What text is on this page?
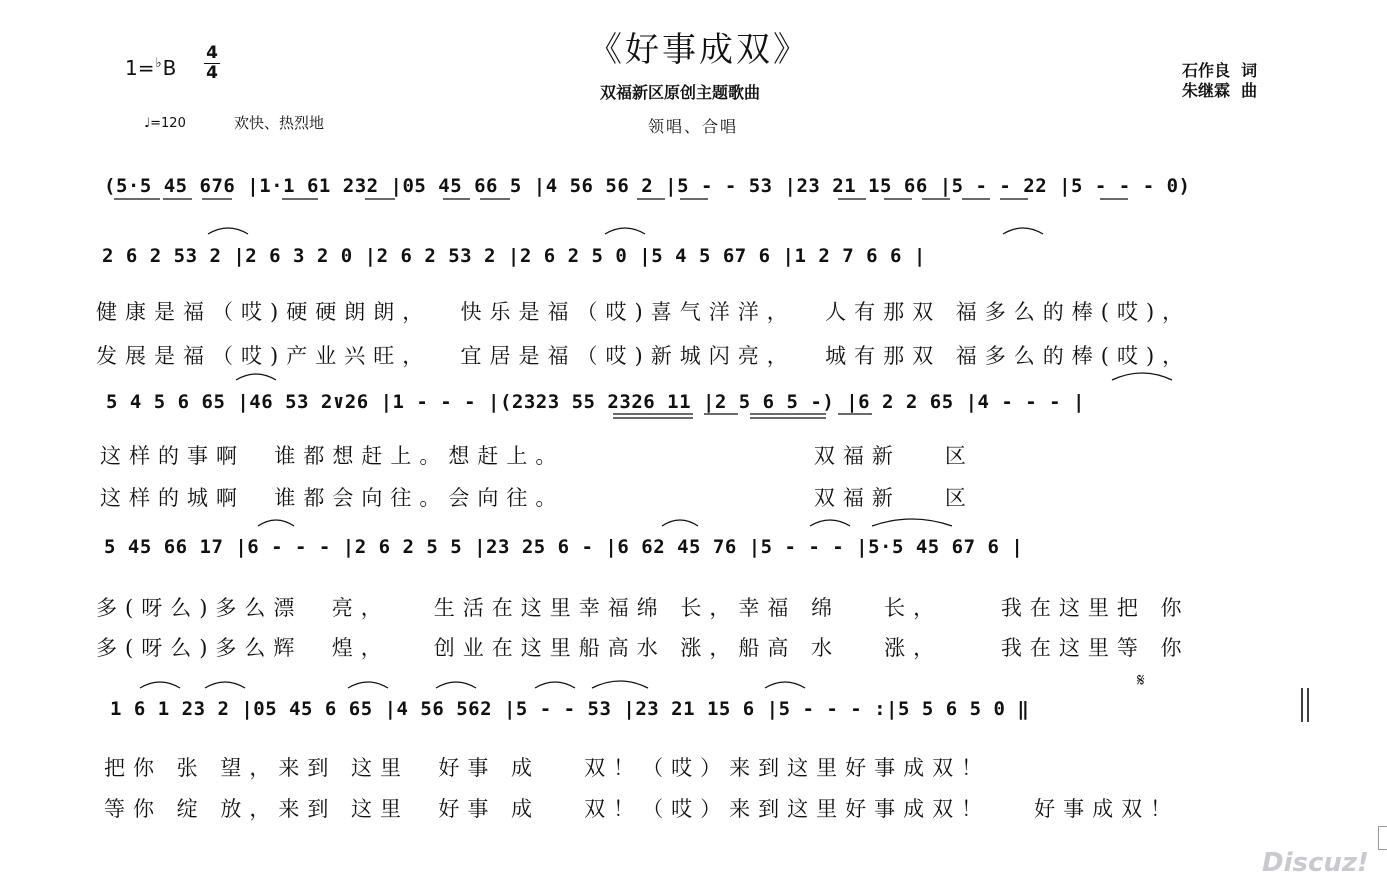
《好事成双》
双福新区原创主题歌曲
领唱、合唱
1=♭B
4
4
♩=120	欢快、热烈地
石作良  词
朱继霖  曲
(5·5 45 676 |1·1 61 232 |05 45 66 5 |4 56 56 2 |5 - - 53 |23 21 15 66 |5 - - 22 |5 - - - 0)
2 6 2 53 2 |2 6 3 2 0 |2 6 2 53 2 |2 6 2 5 0 |5 4 5 67 6 |1 2 7 6 6 |
健康是福（哎)硬硬朗朗，  快乐是福（哎)喜气洋洋，  人有那双 福多么的棒(哎)，
发展是福（哎)产业兴旺，  宜居是福（哎)新城闪亮，  城有那双 福多么的棒(哎)，
5 4 5 6 65 |46 53 2∨26 |1 - - - |(2323 55 2326 11 |2 5 6 5 -) |6 2 2 65 |4 - - - |
这样的事啊  谁都想赶上。想赶上。                 双福新   区
这样的城啊  谁都会向往。会向往。                 双福新   区
5 45 66 17 |6 - - - |2 6 2 5 5 |23 25 6 - |6 62 45 76 |5 - - - |5·5 45 67 6 |
多(呀么)多么漂  亮，   生活在这里幸福绵 长，幸福 绵   长，    我在这里把 你
多(呀么)多么辉  煌，   创业在这里船高水 涨，船高 水   涨，    我在这里等 你
1 6 1 23 2 |05 45 6 65 |4 56 562 |5 - - 53 |23 21 15 6 |5 - - - :|5 5 6 5 0 ‖
把你 张 望，来到 这里  好事 成   双！（哎）来到这里好事成双！
等你 绽 放，来到 这里  好事 成   双！（哎）来到这里好事成双！   好事成双！
𝄋
Discuz!
